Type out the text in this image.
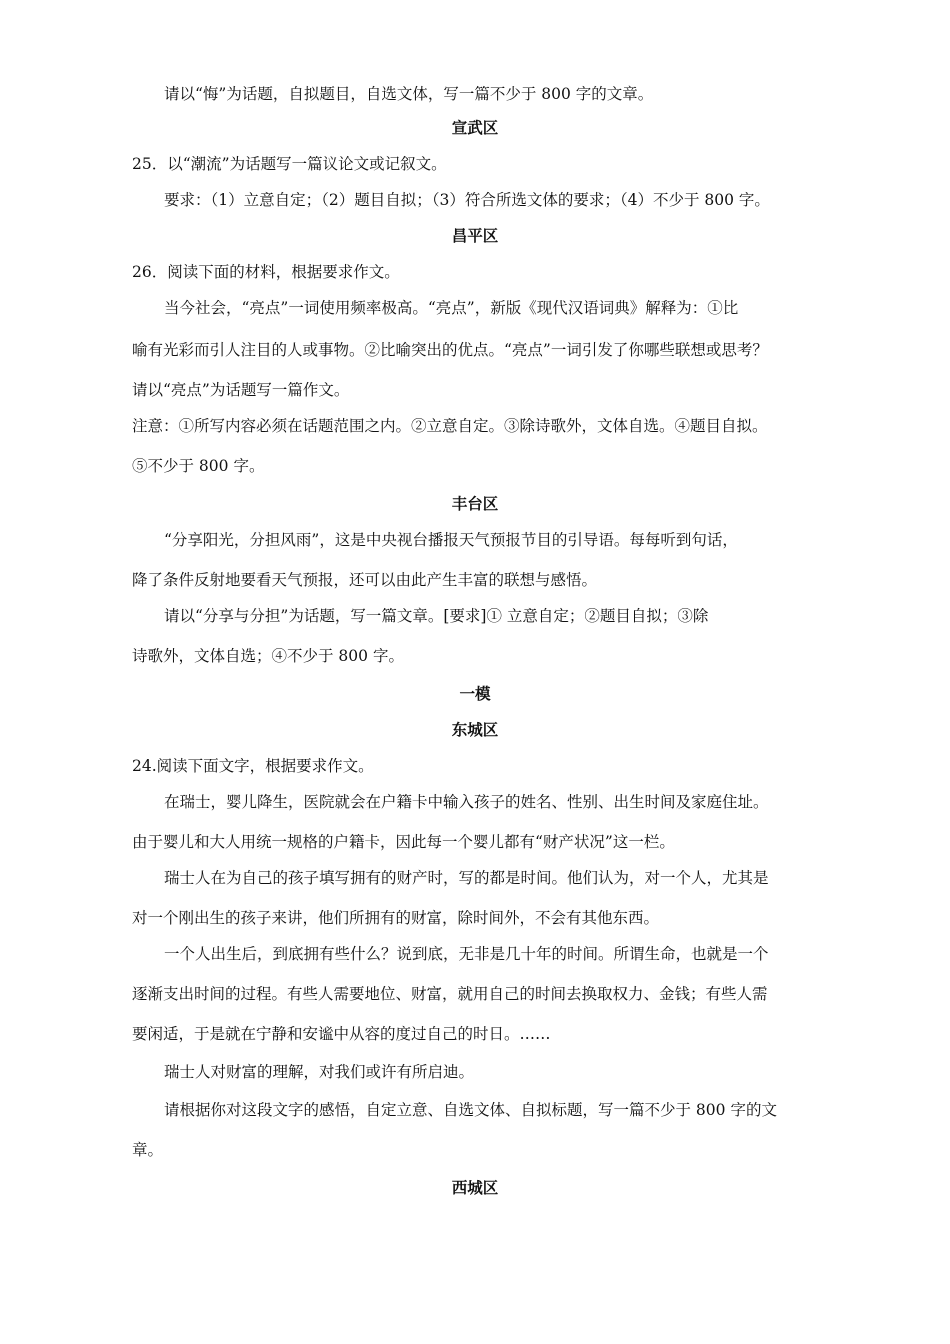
请以“悔”为话题，自拟题目，自选文体，写一篇不少于 800 字的文章。
宣武区
25．以“潮流”为话题写一篇议论文或记叙文。
要求：（1）立意自定；（2）题目自拟；（3）符合所选文体的要求；（4）不少于 800 字。
昌平区
26．阅读下面的材料，根据要求作文。
当今社会，“亮点”一词使用频率极高。“亮点”，新版《现代汉语词典》解释为：①比
喻有光彩而引人注目的人或事物。②比喻突出的优点。“亮点”一词引发了你哪些联想或思考？
请以“亮点”为话题写一篇作文。
注意：①所写内容必须在话题范围之内。②立意自定。③除诗歌外，文体自选。④题目自拟。
⑤不少于 800 字。
丰台区
“分享阳光，分担风雨”，这是中央视台播报天气预报节目的引导语。每每听到句话，
降了条件反射地要看天气预报，还可以由此产生丰富的联想与感悟。
请以“分享与分担”为话题，写一篇文章。[要求]① 立意自定；②题目自拟；③除
诗歌外，文体自选；④不少于 800 字。
一模
东城区
24.阅读下面文字，根据要求作文。
在瑞士，婴儿降生，医院就会在户籍卡中输入孩子的姓名、性别、出生时间及家庭住址。
由于婴儿和大人用统一规格的户籍卡，因此每一个婴儿都有“财产状况”这一栏。
瑞士人在为自己的孩子填写拥有的财产时，写的都是时间。他们认为，对一个人，尤其是
对一个刚出生的孩子来讲，他们所拥有的财富，除时间外，不会有其他东西。
一个人出生后，到底拥有些什么？说到底，无非是几十年的时间。所谓生命，也就是一个
逐渐支出时间的过程。有些人需要地位、财富，就用自己的时间去换取权力、金钱；有些人需
要闲适，于是就在宁静和安谧中从容的度过自己的时日。……
瑞士人对财富的理解，对我们或许有所启迪。
请根据你对这段文字的感悟，自定立意、自选文体、自拟标题，写一篇不少于 800 字的文
章。
西城区
